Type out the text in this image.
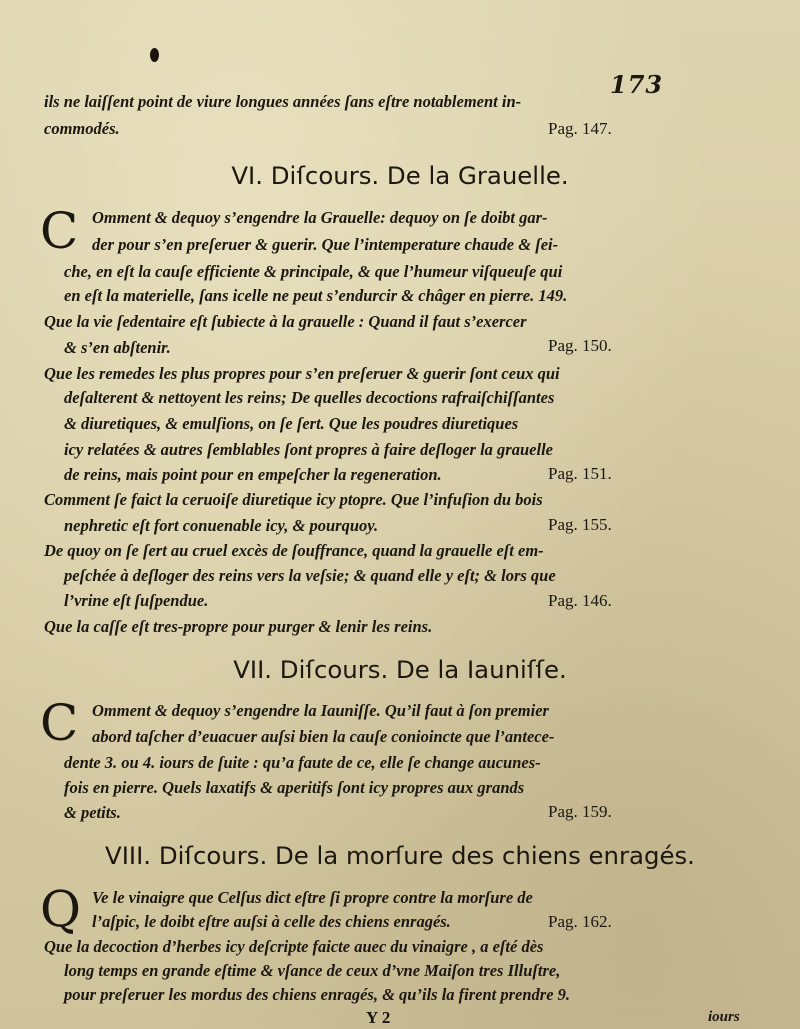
173
ils ne laiſſent point de viure longues années ſans eſtre notablement in-
commodés.	Pag. 147.
VI. Diſcours. De la Grauelle.
C Omment & dequoy s’engendre la Grauelle: dequoy on ſe doibt gar-
der pour s’en preſeruer & guerir. Que l’intemperature chaude & ſei-
che, en eſt la cauſe efficiente & principale, & que l’humeur viſqueuſe qui
en eſt la materielle, ſans icelle ne peut s’endurcir & châger en pierre. 149.
Que la vie ſedentaire eſt ſubiecte à la grauelle : Quand il faut s’exercer
& s’en abſtenir.	Pag. 150.
Que les remedes les plus propres pour s’en preſeruer & guerir ſont ceux qui
deſalterent & nettoyent les reins; De quelles decoctions rafraiſchiſſantes
& diuretiques, & emulſions, on ſe ſert. Que les poudres diuretiques
icy relatées & autres ſemblables ſont propres à faire deſloger la grauelle
de reins, mais point pour en empeſcher la regeneration.	Pag. 151.
Comment ſe faict la ceruoiſe diuretique icy ptopre. Que l’infuſion du bois
nephretic eſt fort conuenable icy, & pourquoy.	Pag. 155.
De quoy on ſe ſert au cruel excès de ſouffrance, quand la grauelle eſt em-
peſchée à deſloger des reins vers la veſsie; & quand elle y eſt; & lors que
l’vrine eſt ſuſpendue.	Pag. 146.
Que la caſſe eſt tres-propre pour purger & lenir les reins.
VII. Diſcours. De la Iauniſſe.
C Omment & dequoy s’engendre la Iauniſſe. Qu’il faut à ſon premier
abord taſcher d’euacuer auſsi bien la cauſe conioincte que l’antece-
dente 3. ou 4. iours de ſuite : qu’a faute de ce, elle ſe change aucunes-
fois en pierre. Quels laxatifs & aperitifs ſont icy propres aux grands
& petits.	Pag. 159.
VIII. Diſcours. De la morſure des chiens enragés.
Q Ve le vinaigre que Celſus dict eſtre ſi propre contre la morſure de
l’aſpic, le doibt eſtre auſsi à celle des chiens enragés.	Pag. 162.
Que la decoction d’herbes icy deſcripte faicte auec du vinaigre , a eſté dès
long temps en grande eſtime & vſance de ceux d’vne Maiſon tres Illuſtre,
pour preſeruer les mordus des chiens enragés, & qu’ils la firent prendre 9.
Y 2	iours
